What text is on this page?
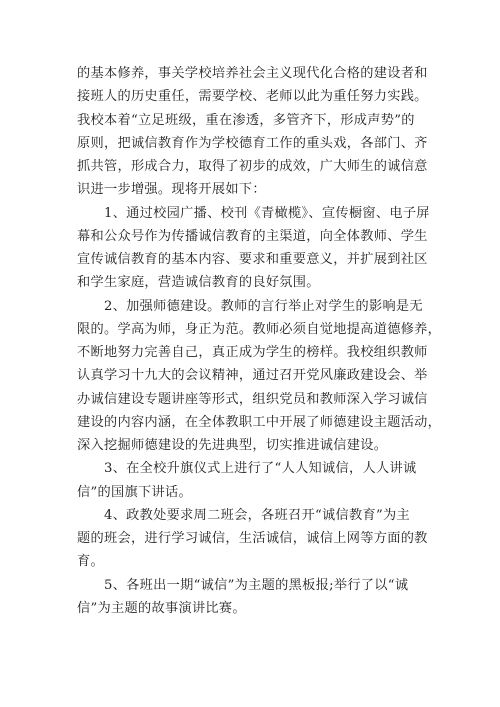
的基本修养，事关学校培养社会主义现代化合格的建设者和
接班人的历史重任，需要学校、老师以此为重任努力实践。
我校本着“立足班级，重在渗透，多管齐下，形成声势”的
原则，把诚信教育作为学校德育工作的重头戏，各部门、齐
抓共管，形成合力，取得了初步的成效，广大师生的诚信意
识进一步增强。现将开展如下：
1、通过校园广播、校刊《青橄榄》、宣传橱窗、电子屏
幕和公众号作为传播诚信教育的主渠道，向全体教师、学生
宣传诚信教育的基本内容、要求和重要意义，并扩展到社区
和学生家庭，营造诚信教育的良好氛围。
2、加强师德建设。教师的言行举止对学生的影响是无
限的。学高为师，身正为范。教师必须自觉地提高道德修养，
不断地努力完善自己，真正成为学生的榜样。我校组织教师
认真学习十九大的会议精神，通过召开党风廉政建设会、举
办诚信建设专题讲座等形式，组织党员和教师深入学习诚信
建设的内容内涵，在全体教职工中开展了师德建设主题活动，
深入挖掘师德建设的先进典型，切实推进诚信建设。
3、在全校升旗仪式上进行了“人人知诚信，人人讲诚
信”的国旗下讲话。
4、政教处要求周二班会，各班召开“诚信教育”为主
题的班会，进行学习诚信，生活诚信，诚信上网等方面的教
育。
5、各班出一期“诚信”为主题的黑板报;举行了以“诚
信”为主题的故事演讲比赛。
